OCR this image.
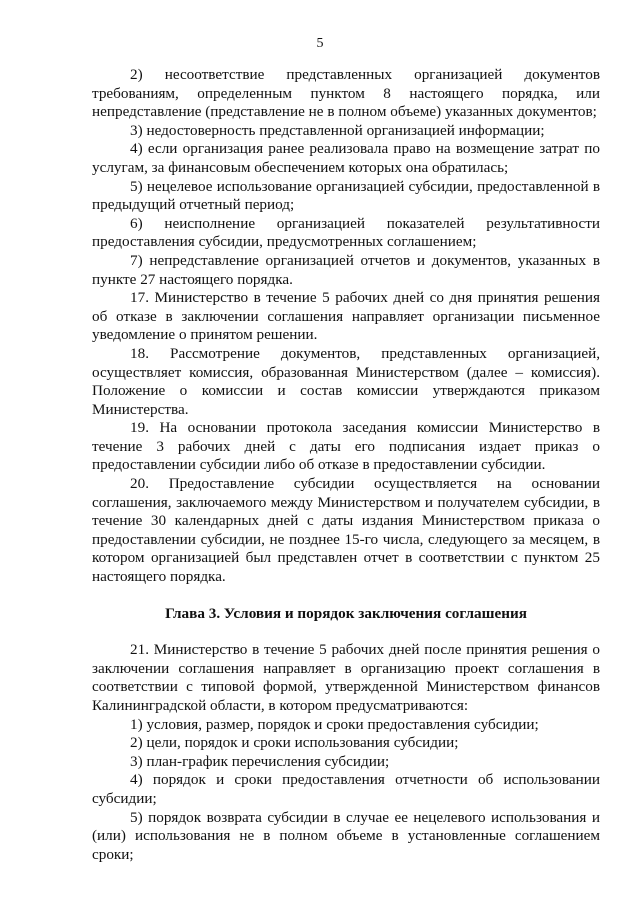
5

2) несоответствие представленных организацией документов требованиям, определенным пунктом 8 настоящего порядка, или непредставление (представление не в полном объеме) указанных документов;

3) недостоверность представленной организацией информации;

4) если организация ранее реализовала право на возмещение затрат по услугам, за финансовым обеспечением которых она обратилась;

5) нецелевое использование организацией субсидии, предоставленной в предыдущий отчетный период;

6) неисполнение организацией показателей результативности предоставления субсидии, предусмотренных соглашением;

7) непредставление организацией отчетов и документов, указанных в пункте 27 настоящего порядка.

17. Министерство в течение 5 рабочих дней со дня принятия решения об отказе в заключении соглашения направляет организации письменное уведомление о принятом решении.

18. Рассмотрение документов, представленных организацией, осуществляет комиссия, образованная Министерством (далее – комиссия). Положение о комиссии и состав комиссии утверждаются приказом Министерства.

19. На основании протокола заседания комиссии Министерство в течение 3 рабочих дней с даты его подписания издает приказ о предоставлении субсидии либо об отказе в предоставлении субсидии.

20. Предоставление субсидии осуществляется на основании соглашения, заключаемого между Министерством и получателем субсидии, в течение 30 календарных дней с даты издания Министерством приказа о предоставлении субсидии, не позднее 15-го числа, следующего за месяцем, в котором организацией был представлен отчет в соответствии с пунктом 25 настоящего порядка.

Глава 3. Условия и порядок заключения соглашения

21. Министерство в течение 5 рабочих дней после принятия решения о заключении соглашения направляет в организацию проект соглашения в соответствии с типовой формой, утвержденной Министерством финансов Калининградской области, в котором предусматриваются:

1) условия, размер, порядок и сроки предоставления субсидии;

2) цели, порядок и сроки использования субсидии;

3) план-график перечисления субсидии;

4) порядок и сроки предоставления отчетности об использовании субсидии;

5) порядок возврата субсидии в случае ее нецелевого использования и (или) использования не в полном объеме в установленные соглашением сроки;
